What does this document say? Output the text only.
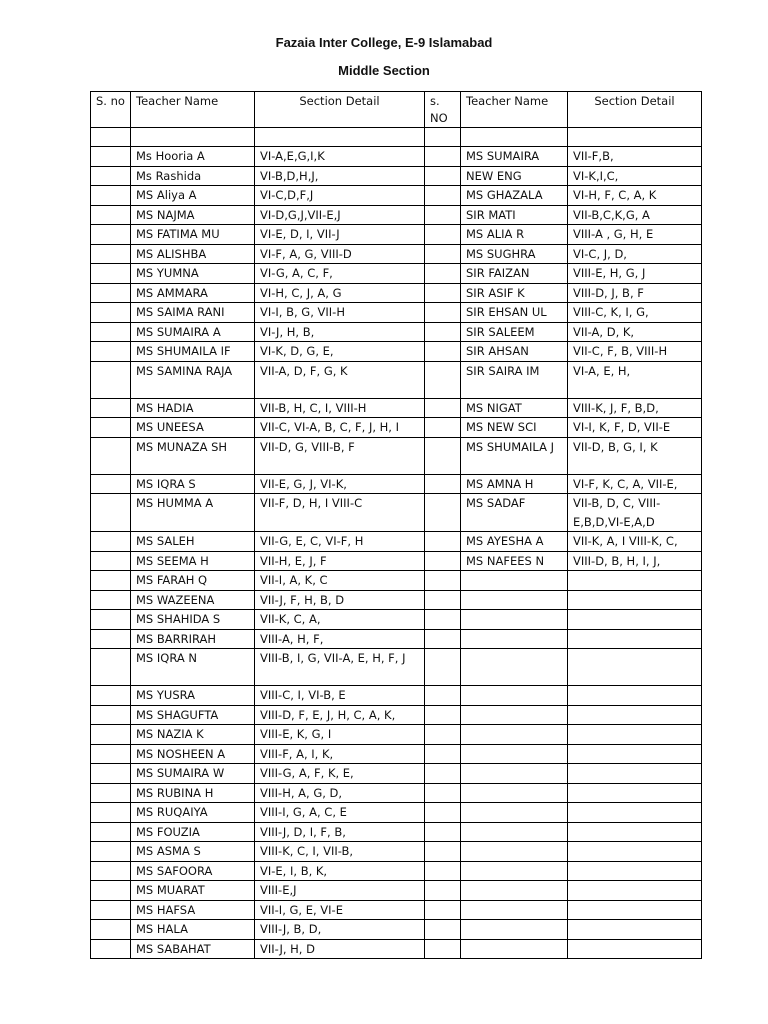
Fazaia Inter College, E-9 Islamabad
Middle Section
S. no	Teacher Name	Section Detail	s. NO	Teacher Name	Section Detail

	Ms Hooria A	VI-A,E,G,I,K		MS SUMAIRA	VII-F,B,
	Ms Rashida	VI-B,D,H,J,		NEW ENG	VI-K,I,C,
	MS Aliya A	VI-C,D,F,J		MS GHAZALA	VI-H, F, C, A, K
	MS NAJMA	VI-D,G,J,VII-E,J		SIR MATI	VII-B,C,K,G, A
	MS FATIMA MU	VI-E, D, I, VII-J		MS ALIA R	VIII-A , G, H, E
	MS ALISHBA	VI-F, A, G, VIII-D		MS SUGHRA	VI-C, J, D,
	MS YUMNA	VI-G, A, C, F,		SIR FAIZAN	VIII-E, H, G, J
	MS AMMARA	VI-H, C, J, A, G		SIR ASIF K	VIII-D, J, B, F
	MS SAIMA RANI	VI-I, B, G, VII-H		SIR EHSAN UL	VIII-C, K, I, G,
	MS SUMAIRA A	VI-J, H, B,		SIR SALEEM	VII-A, D, K,
	MS SHUMAILA IF	VI-K, D, G, E,		SIR AHSAN	VII-C, F, B, VIII-H
	MS SAMINA RAJA	VII-A, D, F, G, K		SIR SAIRA IM	VI-A, E, H,
	MS HADIA	VII-B, H, C, I, VIII-H		MS NIGAT	VIII-K, J, F, B,D,
	MS UNEESA	VII-C, VI-A, B, C, F, J, H, I		MS NEW SCI	VI-I, K, F, D, VII-E
	MS MUNAZA SH	VII-D, G, VIII-B, F		MS SHUMAILA J	VII-D, B, G, I, K
	MS IQRA S	VII-E, G, J, VI-K,		MS AMNA H	VI-F, K, C, A, VII-E,
	MS HUMMA A	VII-F, D, H, I VIII-C		MS SADAF	VII-B, D, C, VIII-E,B,D,VI-E,A,D
	MS SALEH	VII-G, E, C, VI-F, H		MS AYESHA A	VII-K, A, I VIII-K, C,
	MS SEEMA H	VII-H, E, J, F		MS NAFEES N	VIII-D, B, H, I, J,
	MS FARAH Q	VII-I, A, K, C			
	MS WAZEENA	VII-J, F, H, B, D			
	MS SHAHIDA S	VII-K, C, A,			
	MS BARRIRAH	VIII-A, H, F,			
	MS IQRA N	VIII-B, I, G, VII-A, E, H, F, J			
	MS YUSRA	VIII-C, I, VI-B, E			
	MS SHAGUFTA	VIII-D, F, E, J, H, C, A, K,			
	MS NAZIA K	VIII-E, K, G, I			
	MS NOSHEEN A	VIII-F, A, I, K,			
	MS SUMAIRA W	VIII-G, A, F, K, E,			
	MS RUBINA H	VIII-H, A, G, D,			
	MS RUQAIYA	VIII-I, G, A, C, E			
	MS FOUZIA	VIII-J, D, I, F, B,			
	MS ASMA S	VIII-K, C, I, VII-B,			
	MS SAFOORA	VI-E, I, B, K,			
	MS MUARAT	VIII-E,J			
	MS HAFSA	VII-I, G, E, VI-E			
	MS HALA	VIII-J, B, D,			
	MS SABAHAT	VII-J, H, D			
